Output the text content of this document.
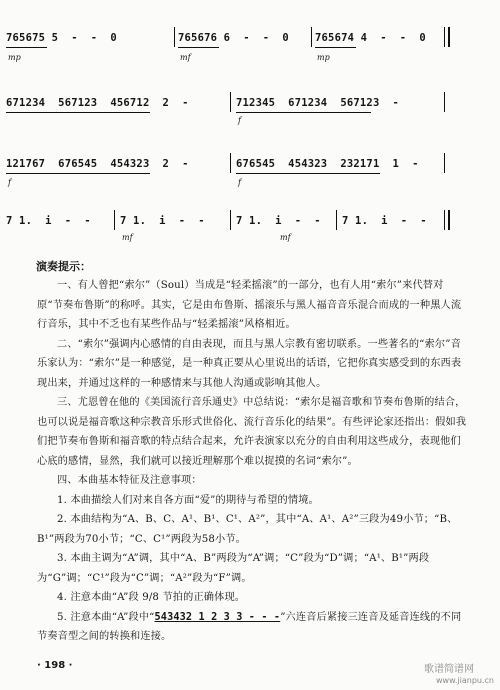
765675 5  -  -  0	765676 6  -  -  0 765674 4  -  -  0
mp	mf	mp
671234  567123  456712  2  -	712345  671234  567123  -
f
121767  676545  454323  2  -	676545  454323  232171  1  -
f	f
7 1.  i  -  -	7 1.  i  -  -	7 1.  i  -  - 7 1.  i  -  -
mf	mf
演奏提示：

一、有人曾把“索尔”（Soul）当成是“轻柔摇滚”的一部分，也有人用“索尔”来代替对原“节奏布鲁斯”的称呼。其实，它是由布鲁斯、摇滚乐与黑人福音音乐混合而成的一种黑人流行音乐，其中不乏也有某些作品与“轻柔摇滚”风格相近。

二、“索尔”强调内心感情的自由表现，而且与黑人宗教有密切联系。一些著名的“索尔”音乐家认为：“索尔”是一种感觉，是一种真正要从心里说出的话语，它把你真实感受到的东西表现出来，并通过这样的一种感情来与其他人沟通或影响其他人。

三、尤恩曾在他的《美国流行音乐通史》中总结说：“索尔是福音歌和节奏布鲁斯的结合，也可以说是福音歌这种宗教音乐形式世俗化、流行音乐化的结果”。有些评论家还指出：假如我们把节奏布鲁斯和福音歌的特点结合起来，允许表演家以充分的自由利用这些成分，表现他们心底的感情，显然，我们就可以接近理解那个难以捉摸的名词“索尔”。

四、本曲基本特征及注意事项：

1. 本曲描绘人们对来自各方面“爱”的期待与希望的情境。

2. 本曲结构为“A、B、C、A¹、B¹、C¹、A²”，其中“A、A¹、A²”三段为49小节；“B、B¹”两段为70小节；“C、C¹”两段为58小节。

3. 本曲主调为“A”调，其中“A、B”两段为“A”调；“C”段为“D”调；“A¹、B¹”两段为“G”调；“C¹”段为“C”调；“A²”段为“F”调。

4. 注意本曲“A”段 9/8 节拍的正确体现。

5. 注意本曲“A”段中“543432 1 2 3 3 - - -”六连音后紧接三连音及延音连线的不同节奏音型之间的转换和连接。

· 198 ·	歌谱简谱网
www.jianpu.cn
